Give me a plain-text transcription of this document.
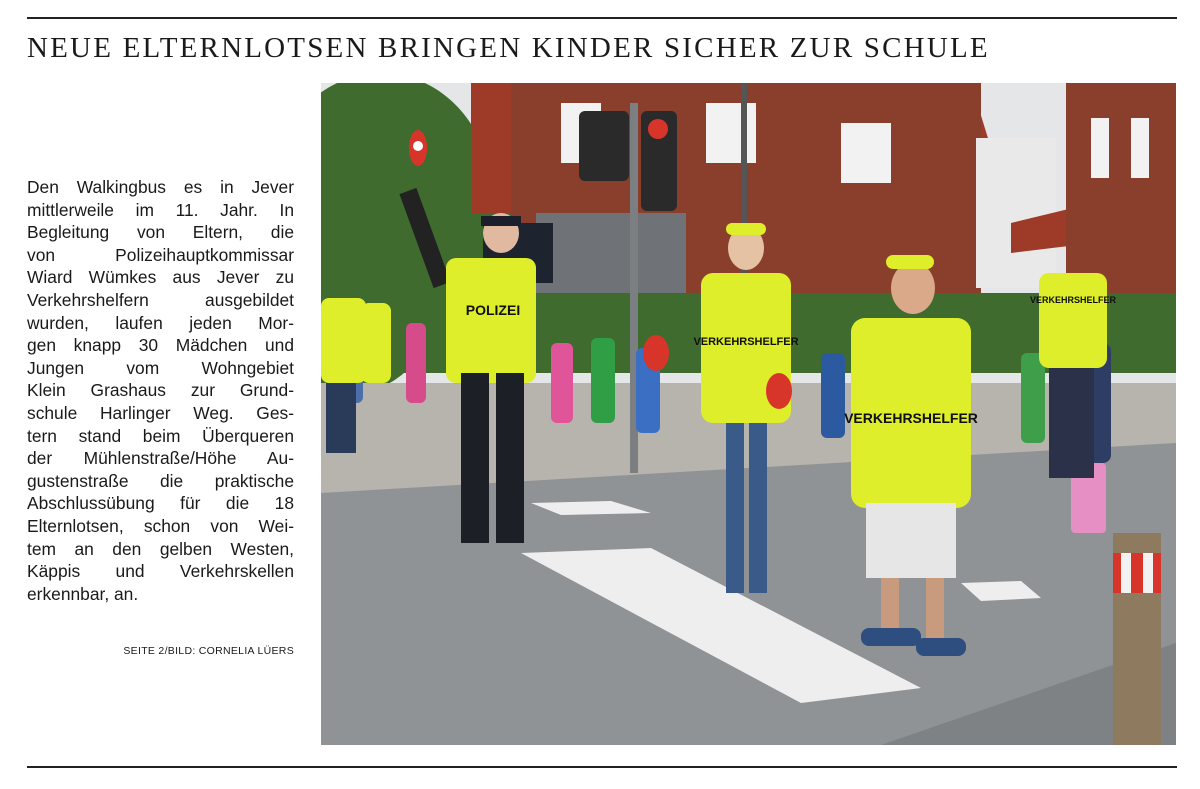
NEUE ELTERNLOTSEN BRINGEN KINDER SICHER ZUR SCHULE
Den Walkingbus es in Jever
mittlerweile im 11. Jahr. In
Begleitung von Eltern, die
von Polizeihauptkommissar
Wiard Wümkes aus Jever zu
Verkehrshelfern ausgebildet
wurden, laufen jeden Mor-
gen knapp 30 Mädchen und
Jungen vom Wohngebiet
Klein Grashaus zur Grund-
schule Harlinger Weg. Ges-
tern stand beim Überqueren
der Mühlenstraße/Höhe Au-
gustenstraße die praktische
Abschlussübung für die 18
Elternlotsen, schon von Wei-
tem an den gelben Westen,
Käppis und Verkehrskellen
erkennbar, an.
SEITE 2/BILD: CORNELIA LÜERS
VERKEHRSHELFER
POLIZEI
VERKEHRSHELFER
VERKEHRSHELFER
